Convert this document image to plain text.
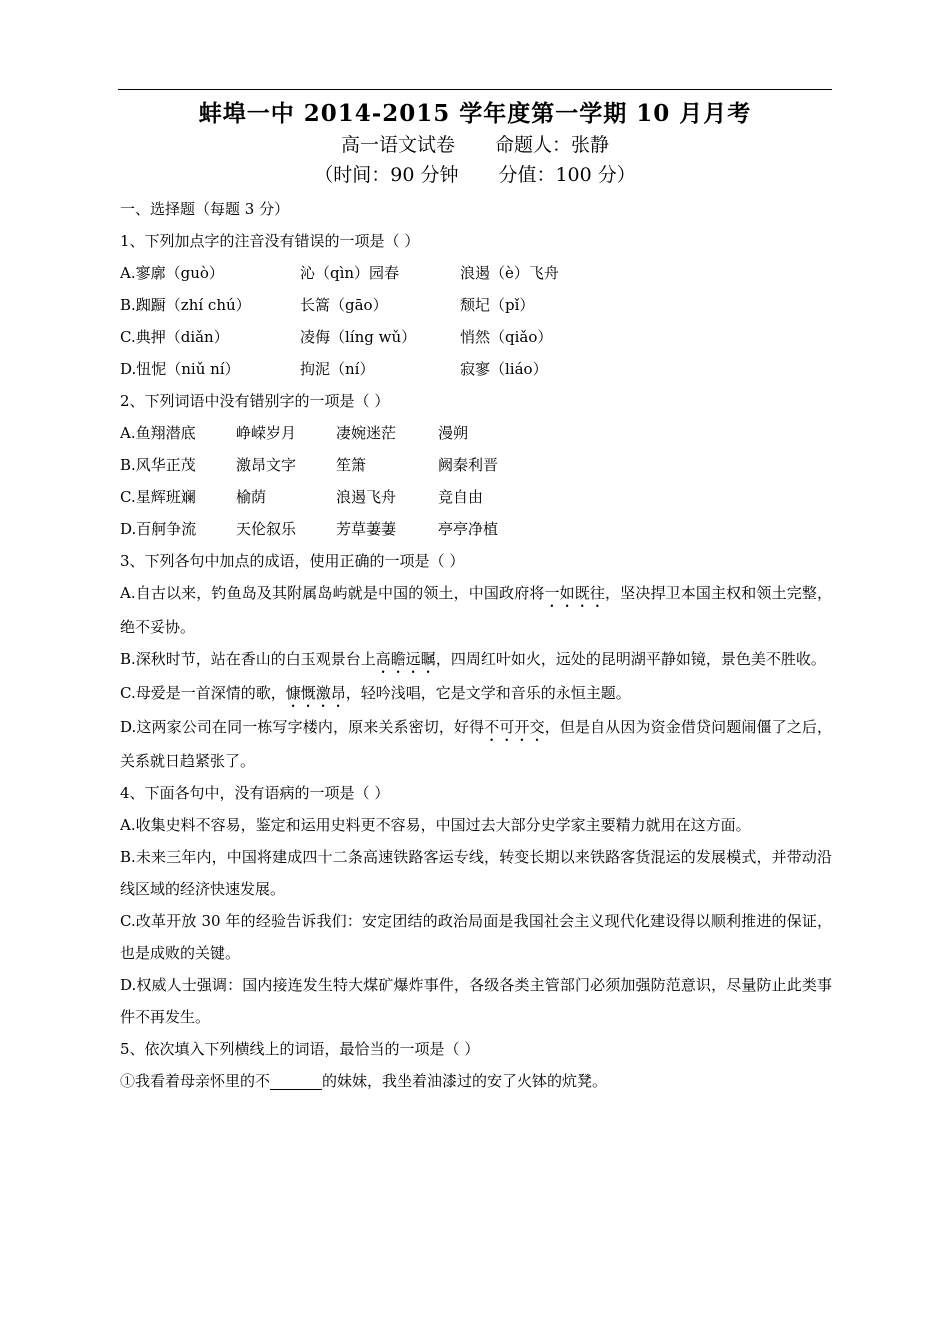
蚌埠一中 2014-2015 学年度第一学期 10 月月考
高一语文试卷 命题人：张静
（时间：90 分钟 分值：100 分）
一、选择题（每题 3 分）
1、下列加点字的注音没有错误的一项是（ ）
A.寥廓（guò）	沁（qìn）园春	浪遏（è）飞舟
B.踟蹰（zhí chú）	长篙（gāo）	颓圮（pǐ）
C.典押（diǎn）	凌侮（líng wǔ）	悄然（qiǎo）
D.忸怩（niǔ ní）	拘泥（ní）	寂寥（liáo）
2、下列词语中没有错别字的一项是（ ）
A.鱼翔潜底	峥嵘岁月	凄婉迷茫	漫朔
B.风华正茂	激昂文字	笙箫	阙秦利晋
C.星辉班斓	榆荫	浪遏飞舟	竞自由
D.百舸争流	天伦叙乐	芳草萋萋	亭亭净植
3、下列各句中加点的成语，使用正确的一项是（ ）
A.自古以来，钓鱼岛及其附属岛屿就是中国的领土，中国政府将一如既往，坚决捍卫本国主权和领土完整，绝不妥协。
B.深秋时节，站在香山的白玉观景台上高瞻远瞩，四周红叶如火，远处的昆明湖平静如镜，景色美不胜收。
C.母爱是一首深情的歌，慷慨激昂，轻吟浅唱，它是文学和音乐的永恒主题。
D.这两家公司在同一栋写字楼内，原来关系密切，好得不可开交，但是自从因为资金借贷问题闹僵了之后，关系就日趋紧张了。
4、下面各句中，没有语病的一项是（ ）
A.收集史料不容易，鉴定和运用史料更不容易，中国过去大部分史学家主要精力就用在这方面。
B.未来三年内，中国将建成四十二条高速铁路客运专线，转变长期以来铁路客货混运的发展模式，并带动沿线区域的经济快速发展。
C.改革开放 30 年的经验告诉我们：安定团结的政治局面是我国社会主义现代化建设得以顺利推进的保证，也是成败的关键。
D.权威人士强调：国内接连发生特大煤矿爆炸事件，各级各类主管部门必须加强防范意识，尽量防止此类事件不再发生。
5、依次填入下列横线上的词语，最恰当的一项是（ ）
①我看着母亲怀里的不	的妹妹，我坐着油漆过的安了火钵的炕凳。
